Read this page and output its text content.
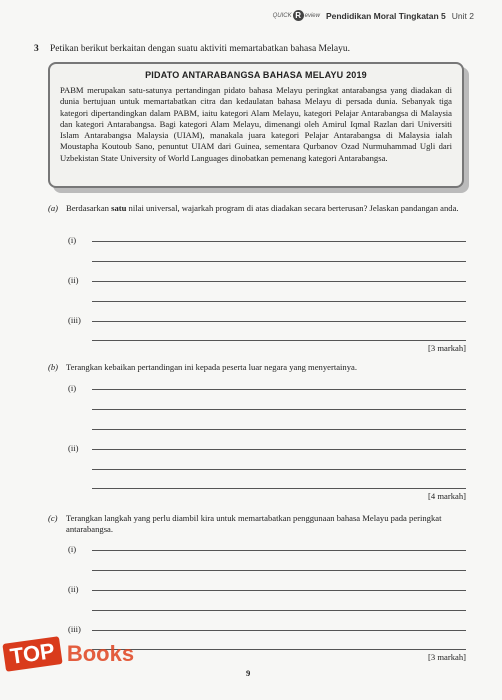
QUICK R eview Pendidikan Moral Tingkatan 5 Unit 2
3 Petikan berikut berkaitan dengan suatu aktiviti memartabatkan bahasa Melayu.
PIDATO ANTARABANGSA BAHASA MELAYU 2019
PABM merupakan satu-satunya pertandingan pidato bahasa Melayu peringkat antarabangsa yang diadakan di dunia bertujuan untuk memartabatkan citra dan kedaulatan bahasa Melayu di persada dunia. Sebanyak tiga kategori dipertandingkan dalam PABM, iaitu kategori Alam Melayu, kategori Pelajar Antarabangsa di Malaysia dan kategori Antarabangsa. Bagi kategori Alam Melayu, dimenangi oleh Amirul Iqmal Razlan dari Universiti Islam Antarabangsa Malaysia (UIAM), manakala juara kategori Pelajar Antarabangsa di Malaysia ialah Moustapha Koutoub Sano, penuntut UIAM dari Guinea, sementara Qurbanov Ozad Nurmuhammad Ugli dari Uzbekistan State University of World Languages dinobatkan pemenang kategori Antarabangsa.
(a) Berdasarkan satu nilai universal, wajarkah program di atas diadakan secara berterusan? Jelaskan pandangan anda.
(i)
(ii)
(iii)
[3 markah]
(b) Terangkan kebaikan pertandingan ini kepada peserta luar negara yang menyertainya.
(i)
(ii)
[4 markah]
(c) Terangkan langkah yang perlu diambil kira untuk memartabatkan penggunaan bahasa Melayu pada peringkat antarabangsa.
(i)
(ii)
(iii)
[3 markah]
9
TOP Books
